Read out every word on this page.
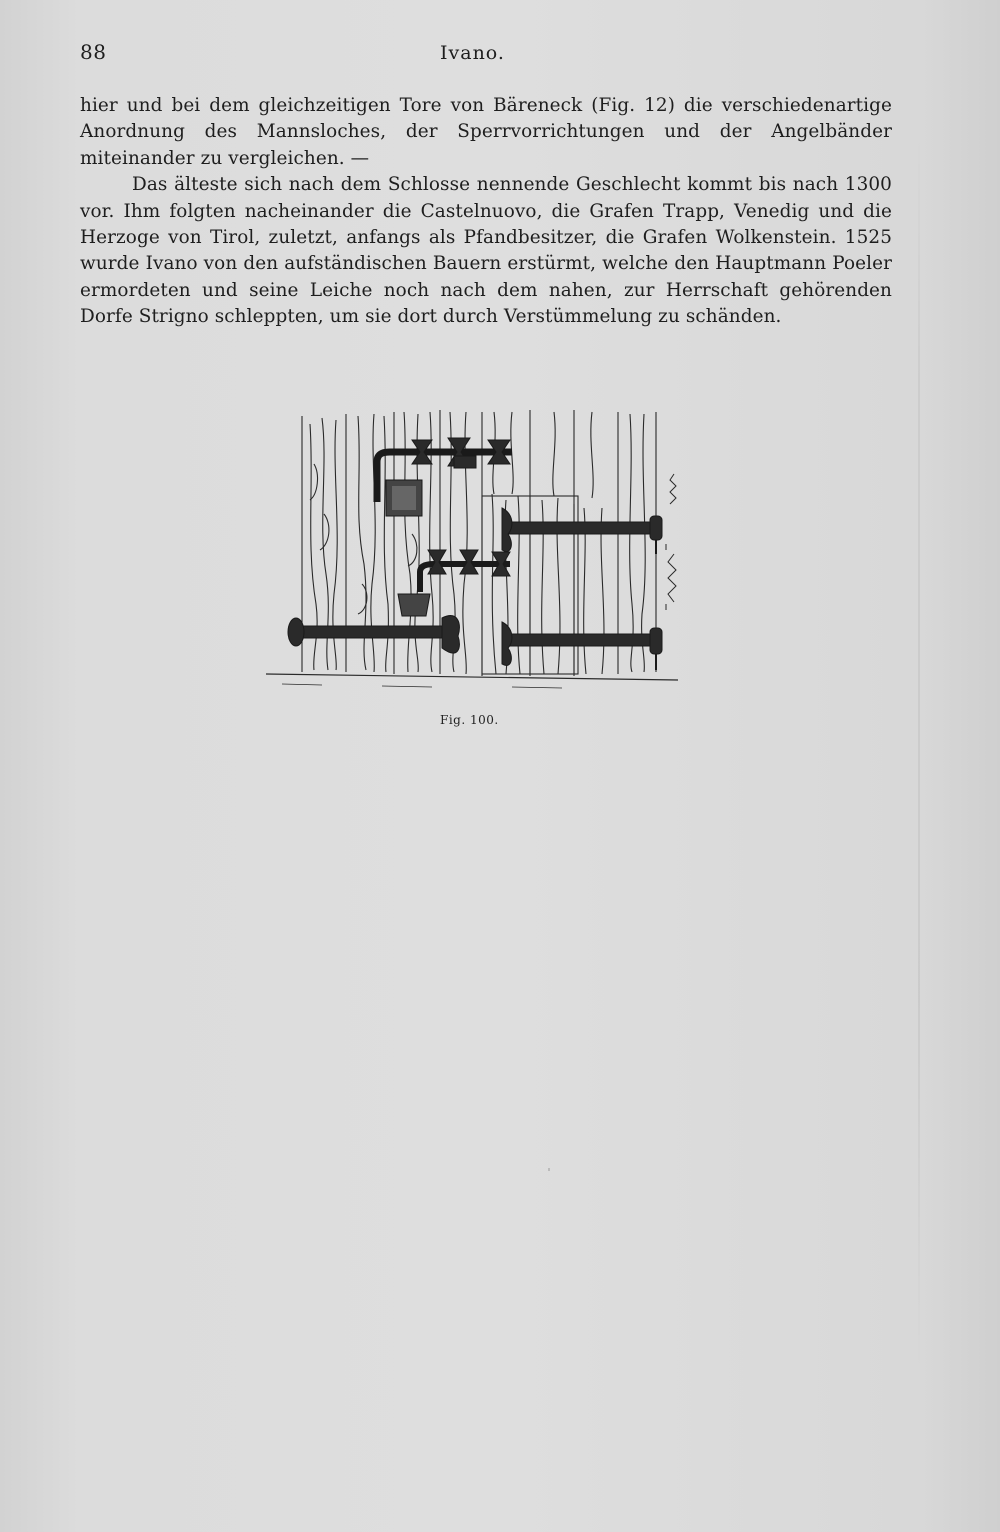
88	Ivano.
hier und bei dem gleichzeitigen Tore von Bäreneck (Fig. 12) die verschiedenartige Anordnung des Mannsloches, der Sperrvorrichtungen und der Angelbänder miteinander zu vergleichen. —
Das älteste sich nach dem Schlosse nennende Geschlecht kommt bis nach 1300 vor. Ihm folgten nacheinander die Castelnuovo, die Grafen Trapp, Venedig und die Herzoge von Tirol, zuletzt, anfangs als Pfandbesitzer, die Grafen Wolkenstein. 1525 wurde Ivano von den aufständischen Bauern erstürmt, welche den Hauptmann Poeler ermordeten und seine Leiche noch nach dem nahen, zur Herrschaft gehörenden Dorfe Strigno schleppten, um sie dort durch Verstümmelung zu schänden.
Fig. 100.
